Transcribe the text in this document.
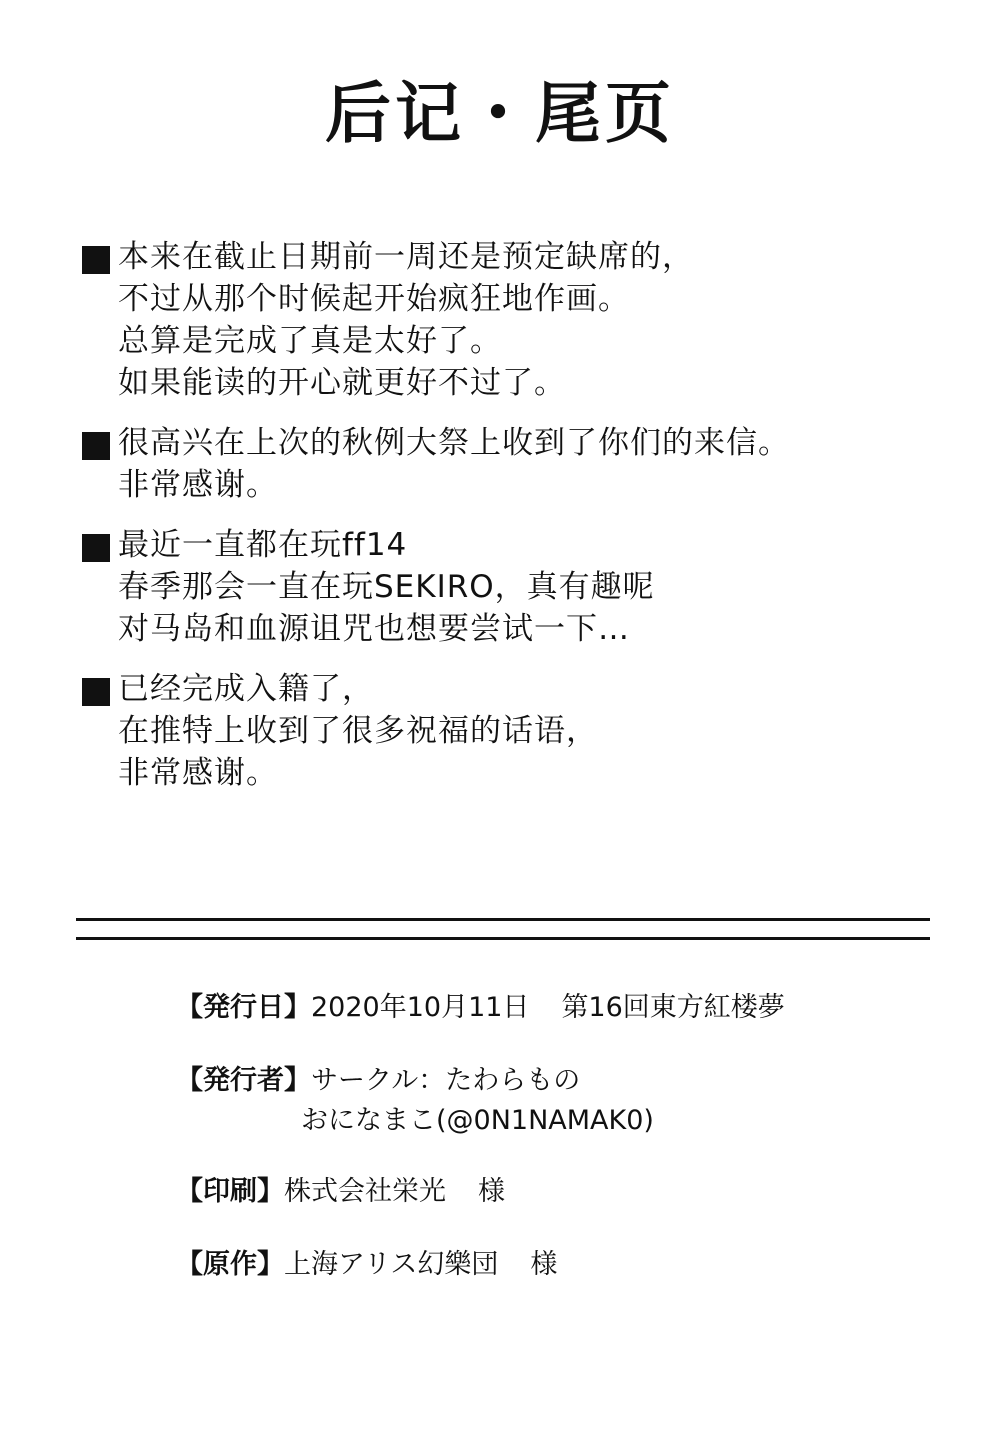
后记・尾页
本来在截止日期前一周还是预定缺席的，
不过从那个时候起开始疯狂地作画。
总算是完成了真是太好了。
如果能读的开心就更好不过了。
很高兴在上次的秋例大祭上收到了你们的来信。
非常感谢。
最近一直都在玩ff14
春季那会一直在玩SEKIRO，真有趣呢
对马岛和血源诅咒也想要尝试一下…
已经完成入籍了，
在推特上收到了很多祝福的话语，
非常感谢。
【発行日】2020年10月11日 第16回東方紅楼夢
【発行者】サークル：たわらもの
おになまこ(@0N1NAMAK0)
【印刷】株式会社栄光 様
【原作】上海アリス幻樂団 様
